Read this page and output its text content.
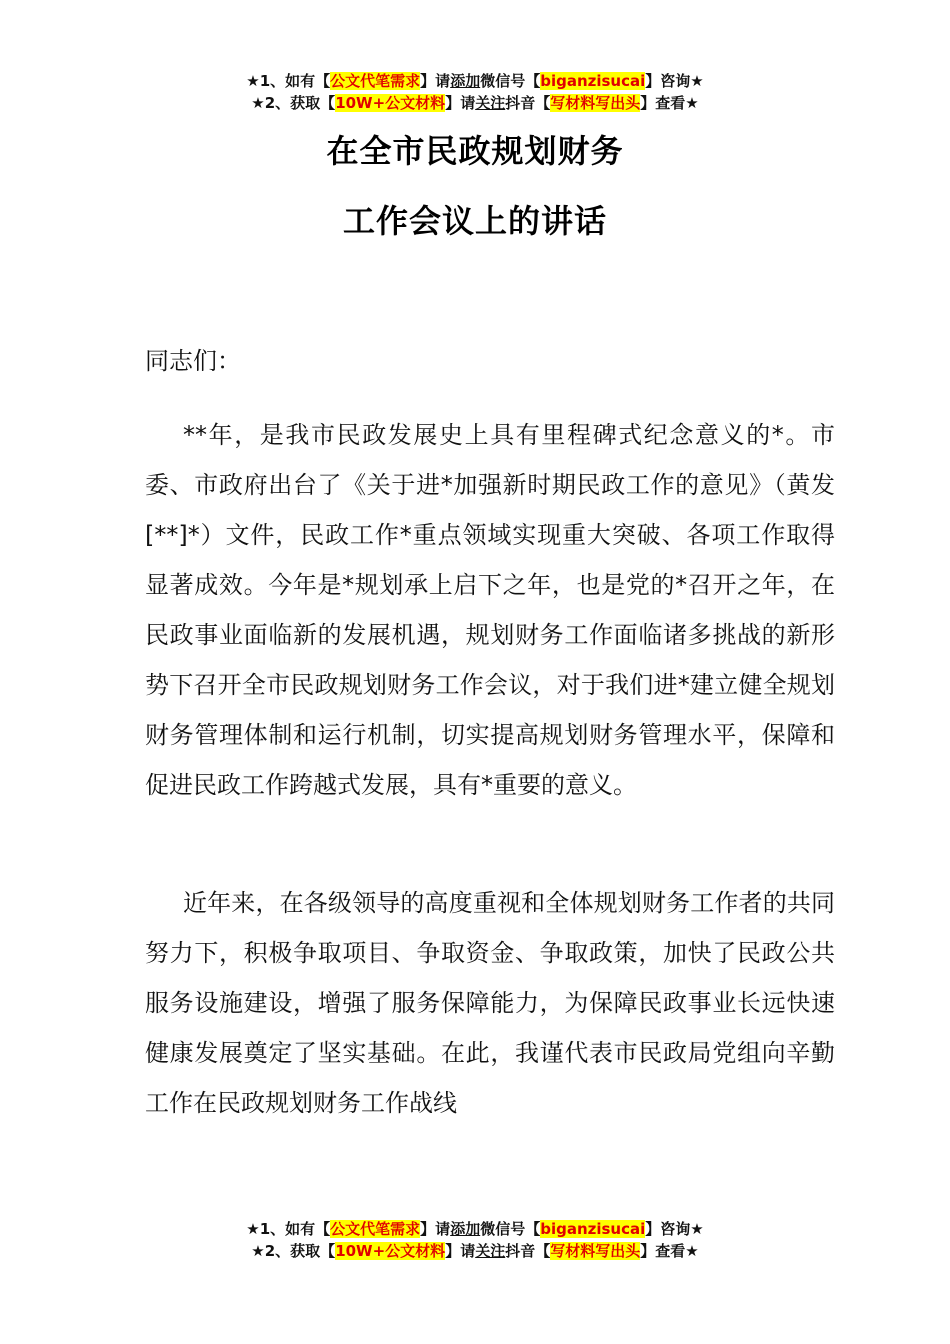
★1、如有【公文代笔需求】请添加微信号【biganzisucai】咨询★
★2、获取【10W+公文材料】请关注抖音【写材料写出头】查看★
在全市民政规划财务
工作会议上的讲话

同志们：

**年，是我市民政发展史上具有里程碑式纪念意义的*。市委、市政府出台了《关于进*加强新时期民政工作的意见》（黄发[**]*）文件，民政工作*重点领域实现重大突破、各项工作取得显著成效。今年是*规划承上启下之年，也是党的*召开之年，在民政事业面临新的发展机遇，规划财务工作面临诸多挑战的新形势下召开全市民政规划财务工作会议，对于我们进*建立健全规划财务管理体制和运行机制，切实提高规划财务管理水平，保障和促进民政工作跨越式发展，具有*重要的意义。

近年来，在各级领导的高度重视和全体规划财务工作者的共同努力下，积极争取项目、争取资金、争取政策，加快了民政公共服务设施建设，增强了服务保障能力，为保障民政事业长远快速健康发展奠定了坚实基础。在此，我谨代表市民政局党组向辛勤工作在民政规划财务工作战线

★1、如有【公文代笔需求】请添加微信号【biganzisucai】咨询★
★2、获取【10W+公文材料】请关注抖音【写材料写出头】查看★
